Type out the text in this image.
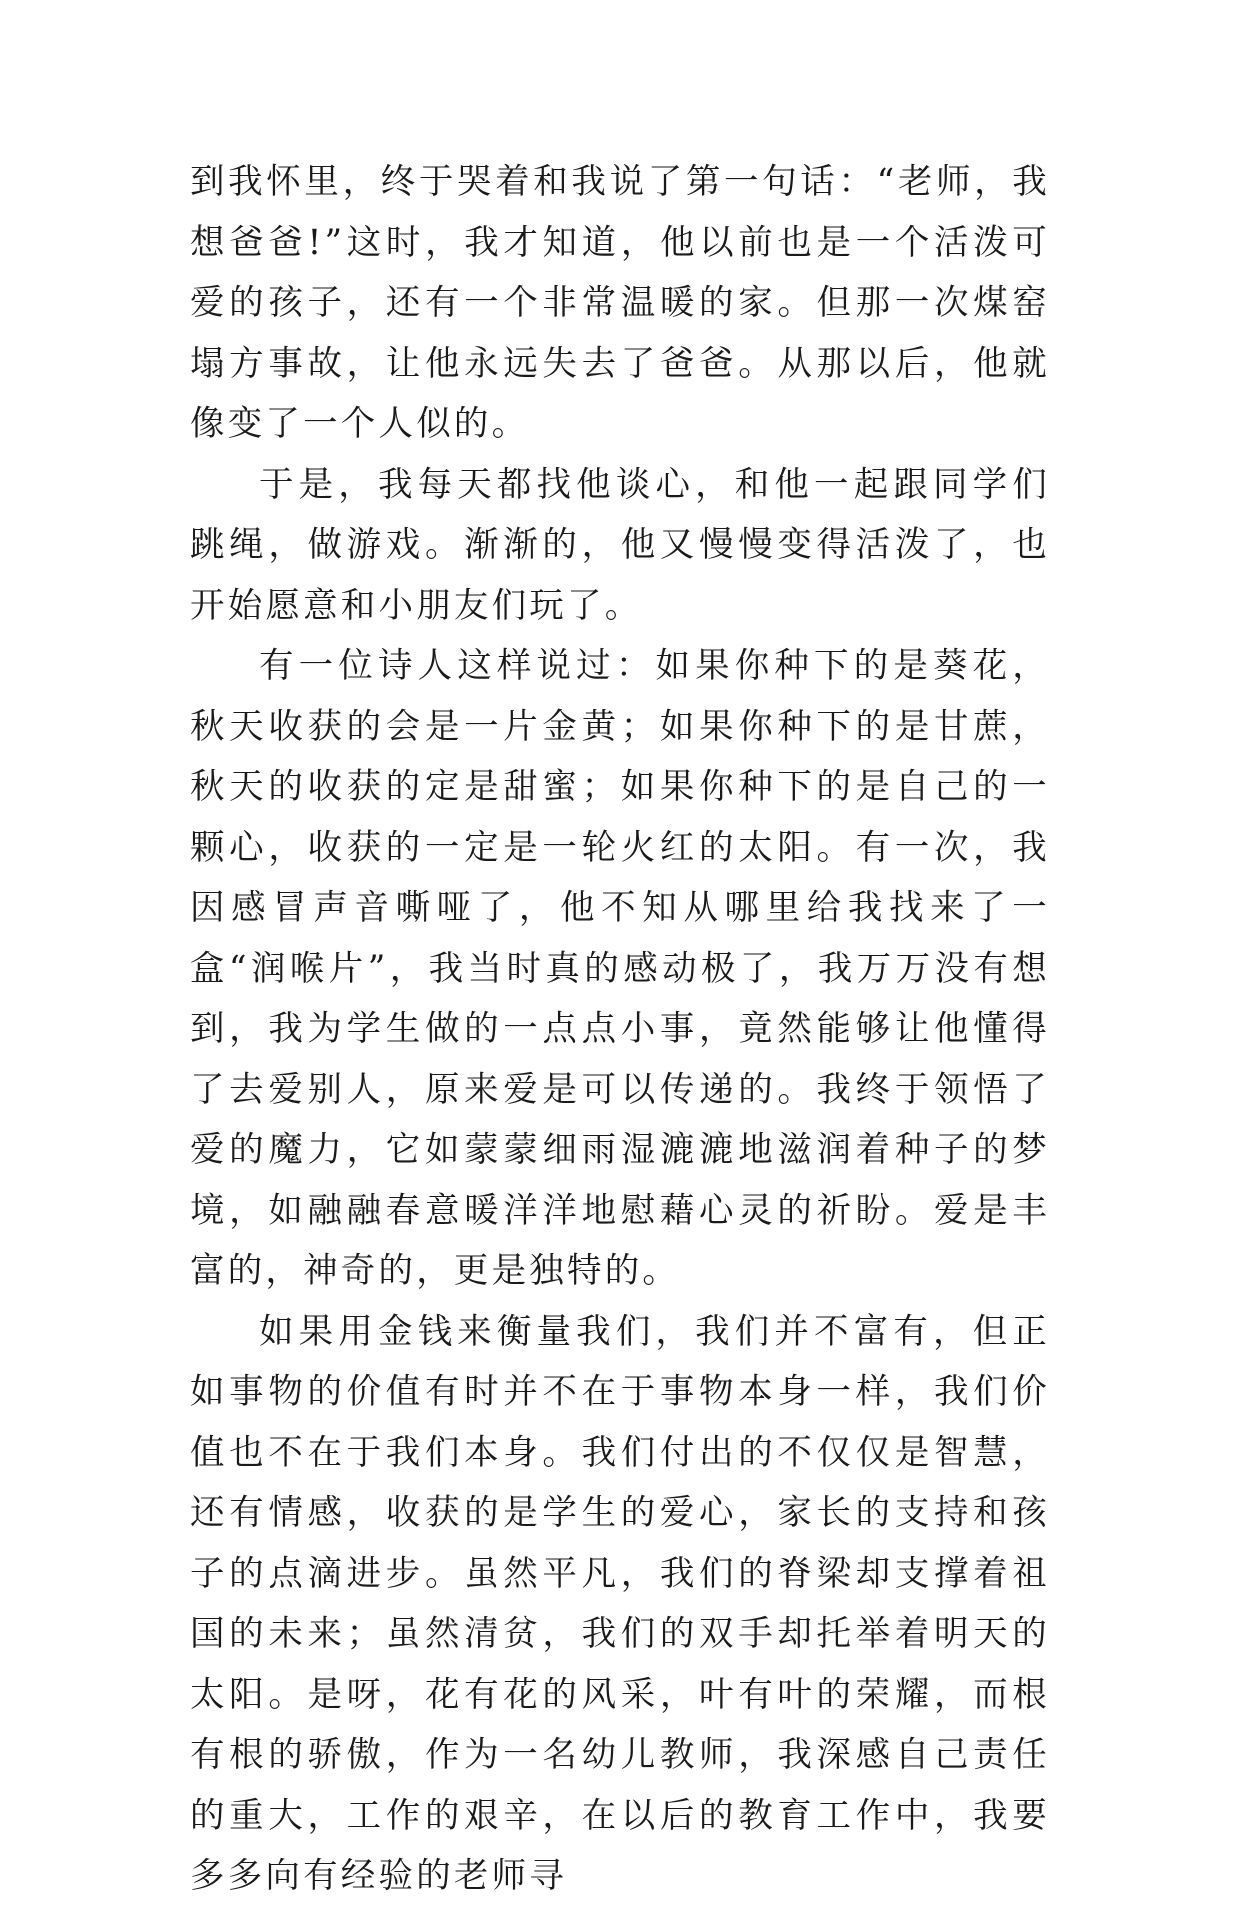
到我怀里，终于哭着和我说了第一句话：“老师，我想爸爸!”这时，我才知道，他以前也是一个活泼可爱的孩子，还有一个非常温暖的家。但那一次煤窑塌方事故，让他永远失去了爸爸。从那以后，他就像变了一个人似的。

于是，我每天都找他谈心，和他一起跟同学们跳绳，做游戏。渐渐的，他又慢慢变得活泼了，也开始愿意和小朋友们玩了。

有一位诗人这样说过：如果你种下的是葵花，秋天收获的会是一片金黄；如果你种下的是甘蔗，秋天的收获的定是甜蜜；如果你种下的是自己的一颗心，收获的一定是一轮火红的太阳。有一次，我因感冒声音嘶哑了，他不知从哪里给我找来了一盒“润喉片”，我当时真的感动极了，我万万没有想到，我为学生做的一点点小事，竟然能够让他懂得了去爱别人，原来爱是可以传递的。我终于领悟了爱的魔力，它如蒙蒙细雨湿漉漉地滋润着种子的梦境，如融融春意暖洋洋地慰藉心灵的祈盼。爱是丰富的，神奇的，更是独特的。

如果用金钱来衡量我们，我们并不富有，但正如事物的价值有时并不在于事物本身一样，我们价值也不在于我们本身。我们付出的不仅仅是智慧，还有情感，收获的是学生的爱心，家长的支持和孩子的点滴进步。虽然平凡，我们的脊梁却支撑着祖国的未来；虽然清贫，我们的双手却托举着明天的太阳。是呀，花有花的风采，叶有叶的荣耀，而根有根的骄傲，作为一名幼儿教师，我深感自己责任的重大，工作的艰辛，在以后的教育工作中，我要多多向有经验的老师寻
